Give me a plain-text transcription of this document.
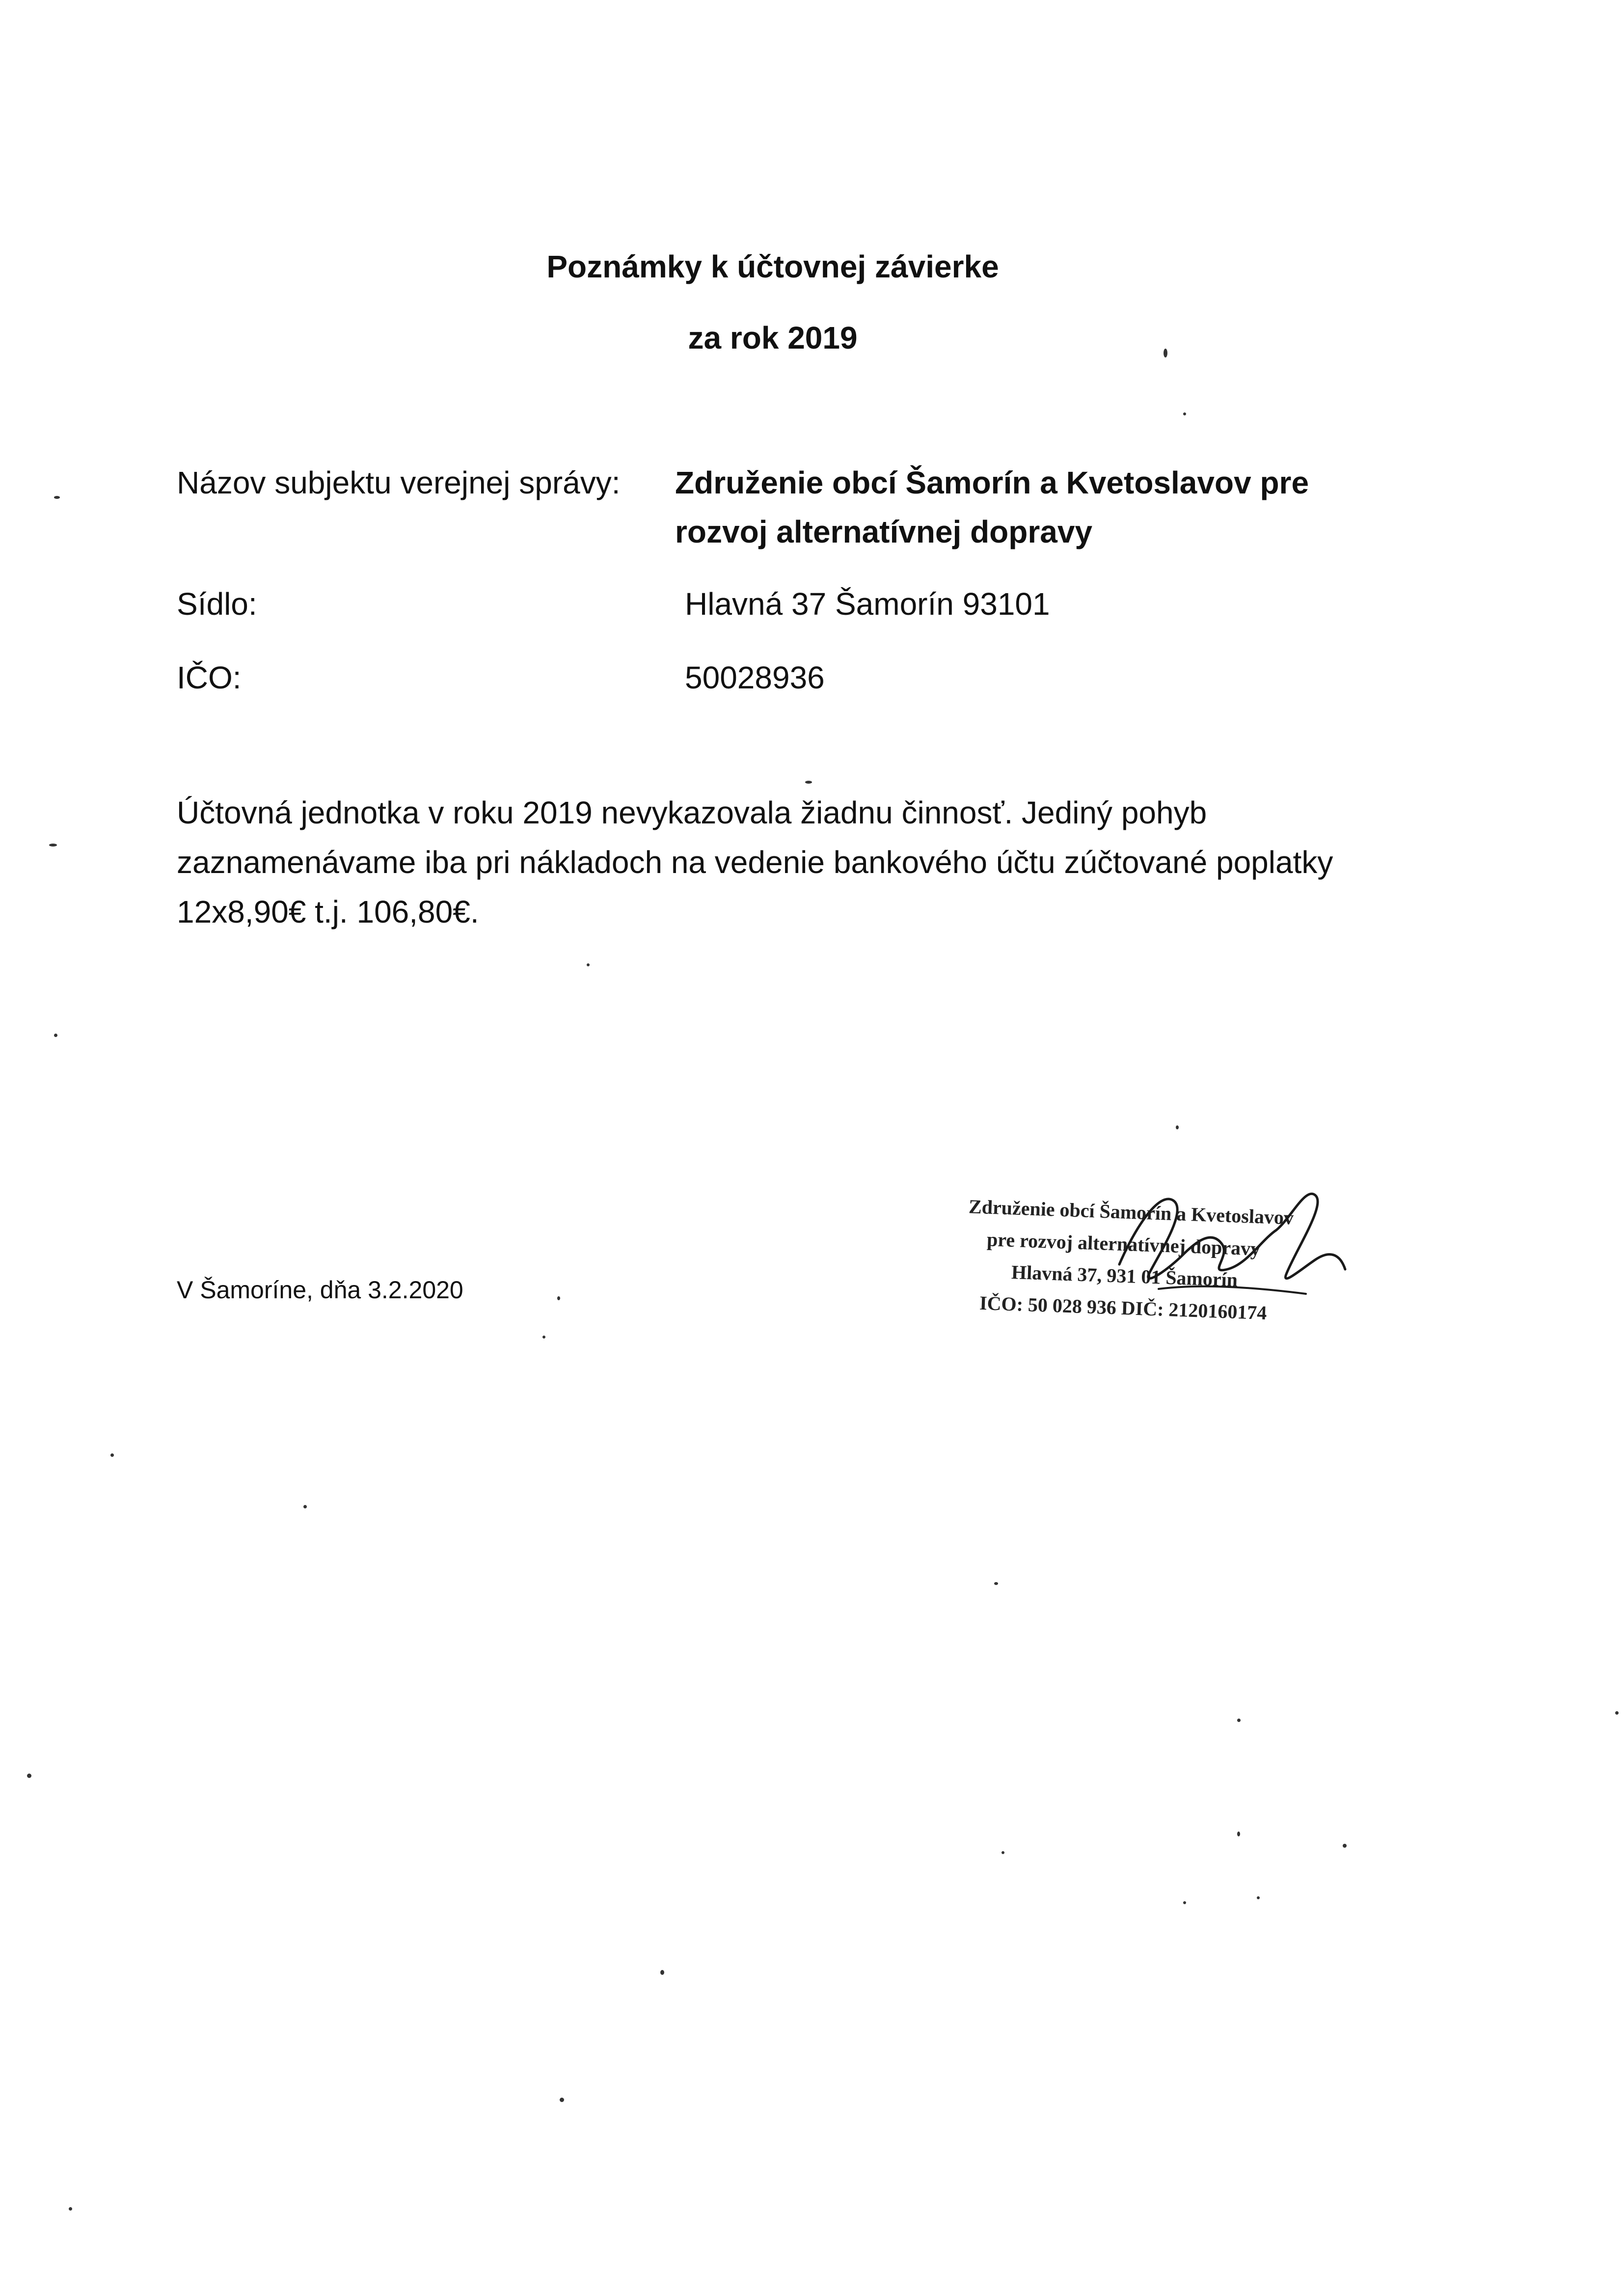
Poznámky k účtovnej závierke
za rok 2019
Názov subjektu verejnej správy: Združenie obcí Šamorín a Kvetoslavov pre
rozvoj alternatívnej dopravy
Sídlo:	Hlavná 37 Šamorín 93101
IČO:	50028936
Účtovná jednotka v roku 2019 nevykazovala žiadnu činnosť. Jediný pohyb zaznamenávame iba pri nákladoch na vedenie bankového účtu zúčtované poplatky 12x8,90€ t.j. 106,80€.
V Šamoríne, dňa 3.2.2020
Združenie obcí Šamorín a Kvetoslavov
pre rozvoj alternatívnej dopravy
Hlavná 37, 931 01 Šamorín
IČO: 50 028 936 DIČ: 2120160174
